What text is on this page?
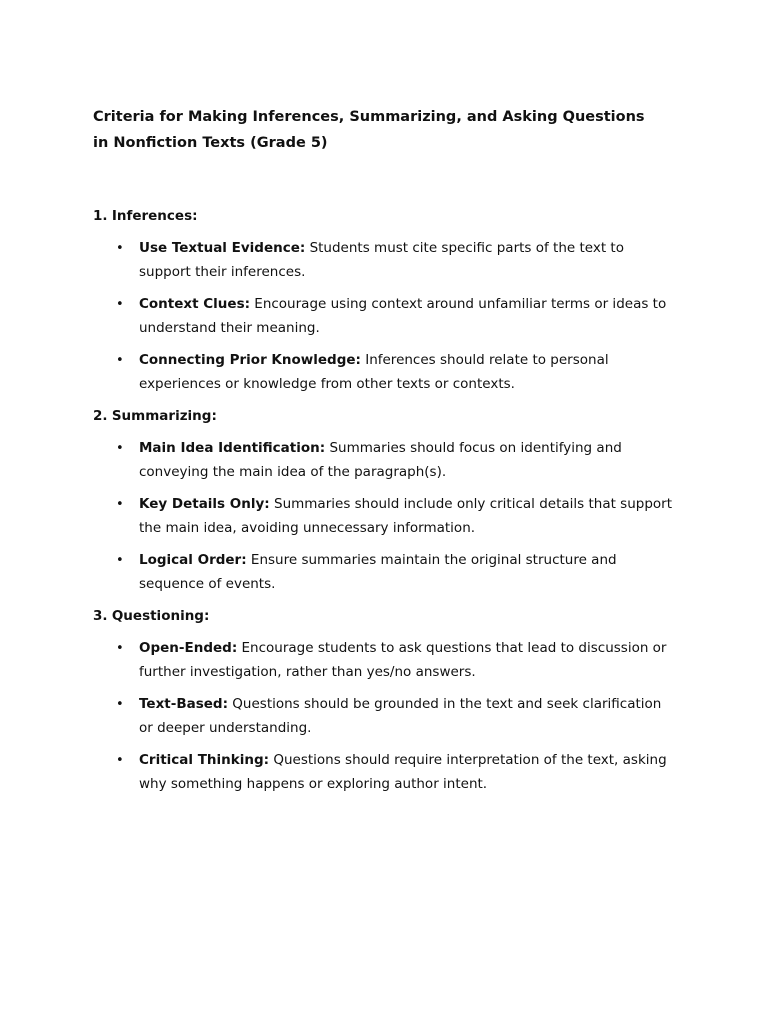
Criteria for Making Inferences, Summarizing, and Asking Questions in Nonfiction Texts (Grade 5)

1. Inferences:

• Use Textual Evidence: Students must cite specific parts of the text to support their inferences.
• Context Clues: Encourage using context around unfamiliar terms or ideas to understand their meaning.
• Connecting Prior Knowledge: Inferences should relate to personal experiences or knowledge from other texts or contexts.

2. Summarizing:

• Main Idea Identification: Summaries should focus on identifying and conveying the main idea of the paragraph(s).
• Key Details Only: Summaries should include only critical details that support the main idea, avoiding unnecessary information.
• Logical Order: Ensure summaries maintain the original structure and sequence of events.

3. Questioning:

• Open-Ended: Encourage students to ask questions that lead to discussion or further investigation, rather than yes/no answers.
• Text-Based: Questions should be grounded in the text and seek clarification or deeper understanding.
• Critical Thinking: Questions should require interpretation of the text, asking why something happens or exploring author intent.
